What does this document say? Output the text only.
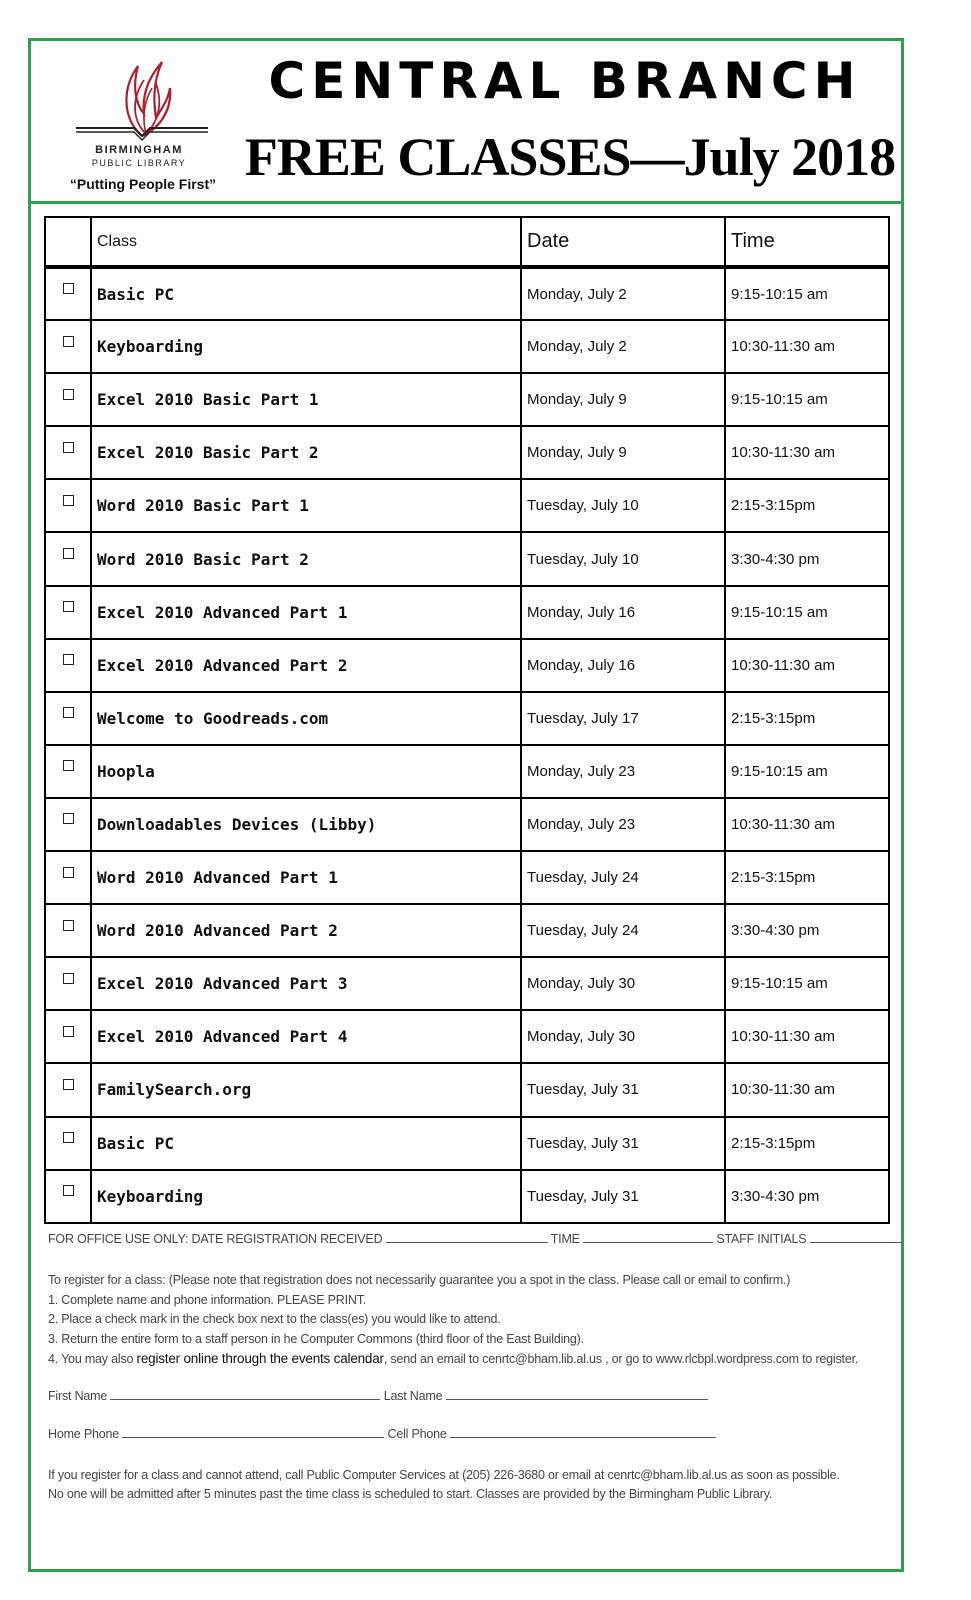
BIRMINGHAM
PUBLIC LIBRARY
“Putting People First”
CENTRAL BRANCH
FREE CLASSES—July 2018
	Class	Date	Time
	Basic PC	Monday, July 2	9:15-10:15 am
	Keyboarding	Monday, July 2	10:30-11:30 am
	Excel 2010 Basic Part 1	Monday, July 9	9:15-10:15 am
	Excel 2010 Basic Part 2	Monday, July 9	10:30-11:30 am
	Word 2010 Basic Part 1	Tuesday, July 10	2:15-3:15pm
	Word 2010 Basic Part 2	Tuesday, July 10	3:30-4:30 pm
	Excel 2010 Advanced Part 1	Monday, July 16	9:15-10:15 am
	Excel 2010 Advanced Part 2	Monday, July 16	10:30-11:30 am
	Welcome to Goodreads.com	Tuesday, July 17	2:15-3:15pm
	Hoopla	Monday, July 23	9:15-10:15 am
	Downloadables Devices (Libby)	Monday, July 23	10:30-11:30 am
	Word 2010 Advanced Part 1	Tuesday, July 24	2:15-3:15pm
	Word 2010 Advanced Part 2	Tuesday, July 24	3:30-4:30 pm
	Excel 2010 Advanced Part 3	Monday, July 30	9:15-10:15 am
	Excel 2010 Advanced Part 4	Monday, July 30	10:30-11:30 am
	FamilySearch.org	Tuesday, July 31	10:30-11:30 am
	Basic PC	Tuesday, July 31	2:15-3:15pm
	Keyboarding	Tuesday, July 31	3:30-4:30 pm
FOR OFFICE USE ONLY: DATE REGISTRATION RECEIVED	TIME	STAFF INITIALS
To register for a class: (Please note that registration does not necessarily guarantee you a spot in the class. Please call or email to confirm.)
1. Complete name and phone information. PLEASE PRINT.
2. Place a check mark in the check box next to the class(es) you would like to attend.
3. Return the entire form to a staff person in he Computer Commons (third floor of the East Building).
4. You may also register online through the events calendar, send an email to cenrtc@bham.lib.al.us , or go to www.rlcbpl.wordpress.com to register.
First Name	Last Name
Home Phone	Cell Phone
If you register for a class and cannot attend, call Public Computer Services at (205) 226-3680 or email at cenrtc@bham.lib.al.us as soon as possible.
No one will be admitted after 5 minutes past the time class is scheduled to start. Classes are provided by the Birmingham Public Library.
